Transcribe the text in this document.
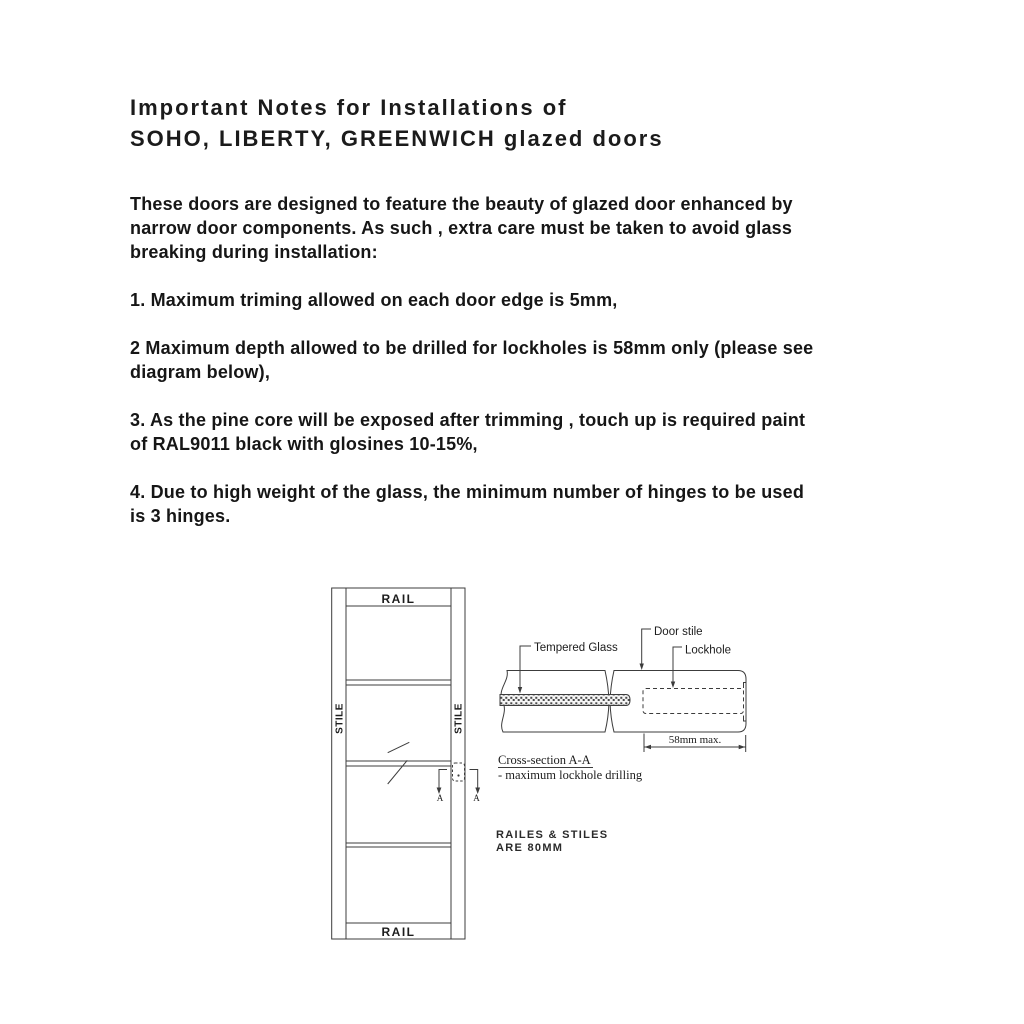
Important Notes for Installations of
SOHO, LIBERTY, GREENWICH glazed doors

These doors are designed to feature the beauty of glazed door enhanced by
narrow door components. As such , extra care must be taken to avoid glass
breaking during installation:

1. Maximum triming allowed on each door edge is 5mm,

2 Maximum depth allowed to be drilled for lockholes is 58mm only (please see
diagram below),

3. As the pine core will be exposed after trimming , touch up is required paint
of RAL9011 black with glosines 10-15%,

4. Due to high weight of the glass, the minimum number of hinges to be used
is 3 hinges.

RAIL
RAIL
STILE	STILE
A	A
Tempered Glass
Door stile
Lockhole
58mm max.
Cross-section A-A
- maximum lockhole drilling
RAILES & STILES
ARE 80MM
